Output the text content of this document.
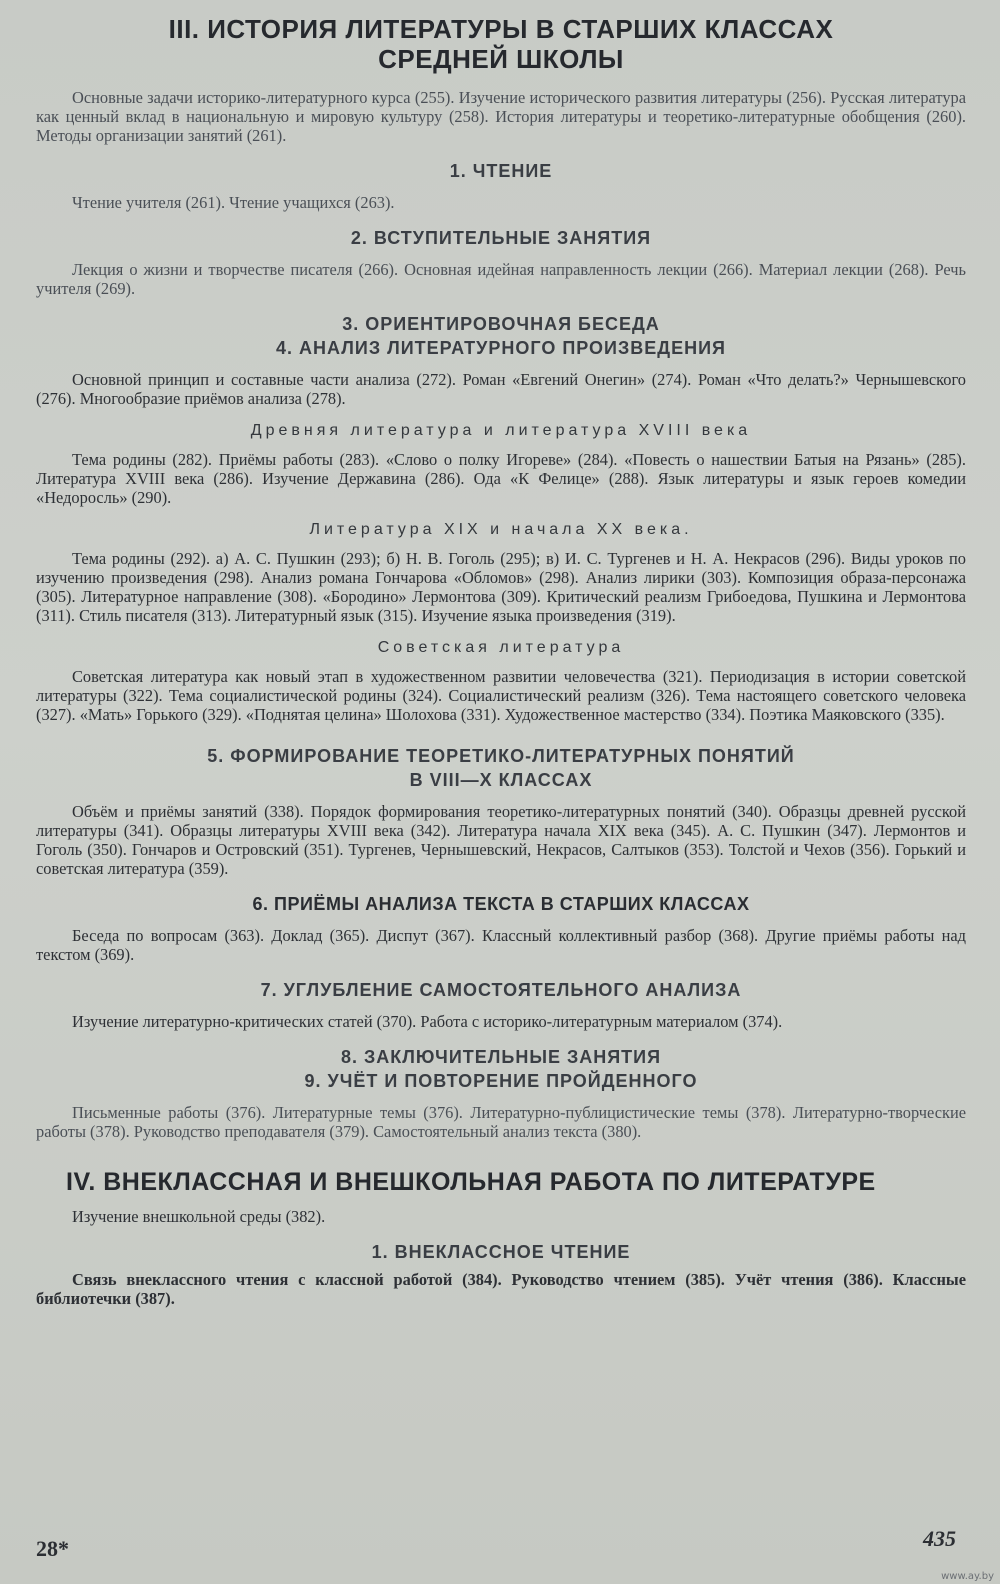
III. ИСТОРИЯ ЛИТЕРАТУРЫ В СТАРШИХ КЛАССАХ
СРЕДНЕЙ ШКОЛЫ

Основные задачи историко-литературного курса (255). Изучение исторического развития литературы (256). Русская литература как ценный вклад в национальную и мировую культуру (258). История литературы и теоретико-литературные обобщения (260). Методы организации занятий (261).

1. ЧТЕНИЕ

Чтение учителя (261). Чтение учащихся (263).

2. ВСТУПИТЕЛЬНЫЕ ЗАНЯТИЯ

Лекция о жизни и творчестве писателя (266). Основная идейная направленность лекции (266). Материал лекции (268). Речь учителя (269).

3. ОРИЕНТИРОВОЧНАЯ БЕСЕДА
4. АНАЛИЗ ЛИТЕРАТУРНОГО ПРОИЗВЕДЕНИЯ

Основной принцип и составные части анализа (272). Роман «Евгений Онегин» (274). Роман «Что делать?» Чернышевского (276). Многообразие приёмов анализа (278).

Древняя литература и литература XVIII века

Тема родины (282). Приёмы работы (283). «Слово о полку Игореве» (284). «Повесть о нашествии Батыя на Рязань» (285). Литература XVIII века (286). Изучение Державина (286). Ода «К Фелице» (288). Язык литературы и язык героев комедии «Недоросль» (290).

Литература XIX и начала XX века.

Тема родины (292). а) А. С. Пушкин (293); б) Н. В. Гоголь (295); в) И. С. Тургенев и Н. А. Некрасов (296). Виды уроков по изучению произведения (298). Анализ романа Гончарова «Обломов» (298). Анализ лирики (303). Композиция образа-персонажа (305). Литературное направление (308). «Бородино» Лермонтова (309). Критический реализм Грибоедова, Пушкина и Лермонтова (311). Стиль писателя (313). Литературный язык (315). Изучение языка произведения (319).

Советская литература

Советская литература как новый этап в художественном развитии человечества (321). Периодизация в истории советской литературы (322). Тема социалистической родины (324). Социалистический реализм (326). Тема настоящего советского человека (327). «Мать» Горького (329). «Поднятая целина» Шолохова (331). Художественное мастерство (334). Поэтика Маяковского (335).

5. ФОРМИРОВАНИЕ ТЕОРЕТИКО-ЛИТЕРАТУРНЫХ ПОНЯТИЙ
В VIII—X КЛАССАХ

Объём и приёмы занятий (338). Порядок формирования теоретико-литературных понятий (340). Образцы древней русской литературы (341). Образцы литературы XVIII века (342). Литература начала XIX века (345). А. С. Пушкин (347). Лермонтов и Гоголь (350). Гончаров и Островский (351). Тургенев, Чернышевский, Некрасов, Салтыков (353). Толстой и Чехов (356). Горький и советская литература (359).

6. ПРИЁМЫ АНАЛИЗА ТЕКСТА В СТАРШИХ КЛАССАХ

Беседа по вопросам (363). Доклад (365). Диспут (367). Классный коллективный разбор (368). Другие приёмы работы над текстом (369).

7. УГЛУБЛЕНИЕ САМОСТОЯТЕЛЬНОГО АНАЛИЗА

Изучение литературно-критических статей (370). Работа с историко-литературным материалом (374).

8. ЗАКЛЮЧИТЕЛЬНЫЕ ЗАНЯТИЯ
9. УЧЁТ И ПОВТОРЕНИЕ ПРОЙДЕННОГО

Письменные работы (376). Литературные темы (376). Литературно-публицистические темы (378). Литературно-творческие работы (378). Руководство преподавателя (379). Самостоятельный анализ текста (380).

IV. ВНЕКЛАССНАЯ И ВНЕШКОЛЬНАЯ РАБОТА ПО ЛИТЕРАТУРЕ

Изучение внешкольной среды (382).

1. ВНЕКЛАССНОЕ ЧТЕНИЕ

Связь внеклассного чтения с классной работой (384). Руководство чтением (385). Учёт чтения (386). Классные библиотечки (387).

28*	435
www.ay.by
